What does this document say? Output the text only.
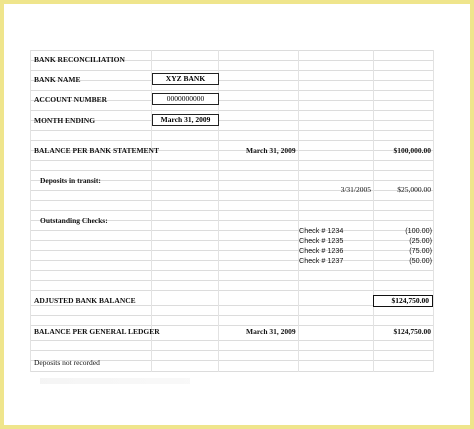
BANK RECONCILIATION
BANK NAME	XYZ BANK
ACCOUNT NUMBER	0000000000
MONTH ENDING	March 31, 2009
BALANCE PER BANK STATEMENT	March 31, 2009	$100,000.00
Deposits in transit:
3/31/2005	$25,000.00
Outstanding Checks:
Check # 1234	(100.00)
Check # 1235	(25.00)
Check # 1236	(75.00)
Check # 1237	(50.00)
ADJUSTED BANK BALANCE	$124,750.00
BALANCE PER GENERAL LEDGER	March 31, 2009	$124,750.00
Deposits not recorded
